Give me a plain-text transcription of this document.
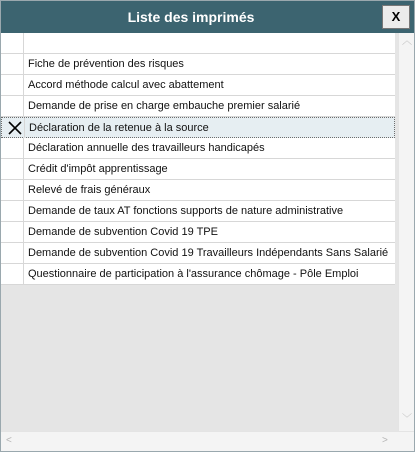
Liste des imprimés	X
Fiche de prévention des risques
Accord méthode calcul avec abattement
Demande de prise en charge embauche premier salarié
Déclaration de la retenue à la source
Déclaration annuelle des travailleurs handicapés
Crédit d'impôt apprentissage
Relevé de frais généraux
Demande de taux AT fonctions supports de nature administrative
Demande de subvention Covid 19 TPE
Demande de subvention Covid 19 Travailleurs Indépendants Sans Salarié
Questionnaire de participation à l'assurance chômage - Pôle Emploi
︿
﹀
<	>
